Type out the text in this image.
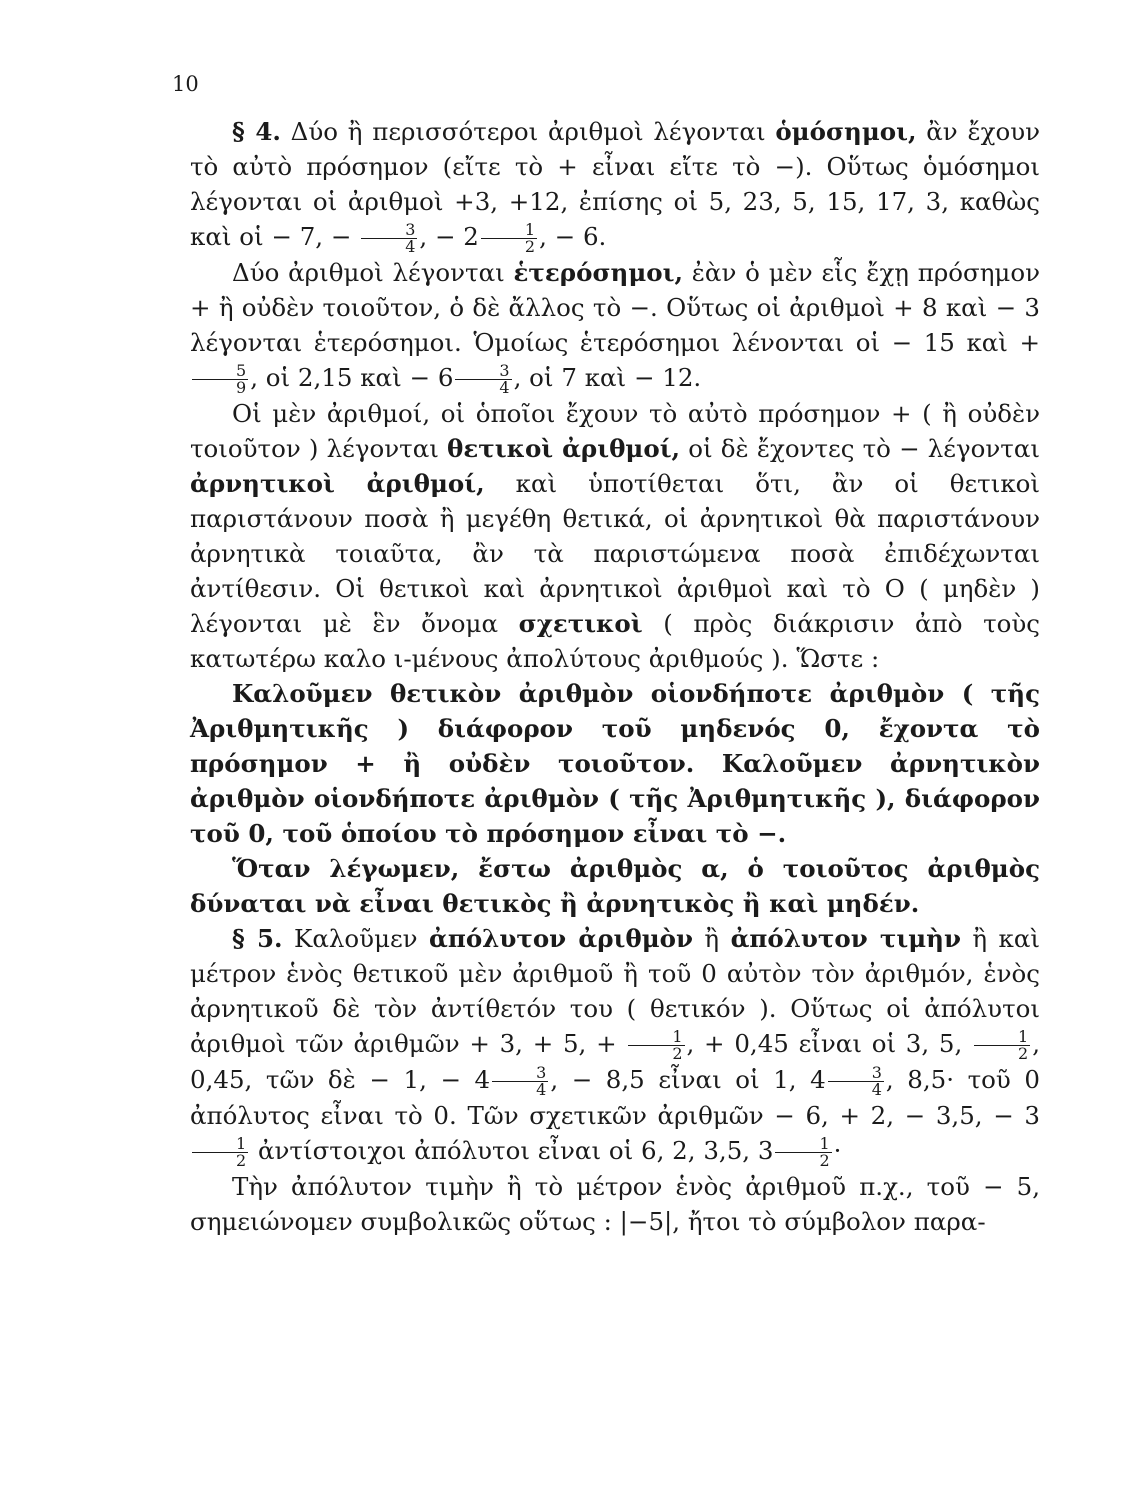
10

§ 4. Δύο ἢ περισσότεροι ἀριθμοὶ λέγονται ὁμόσημοι, ἂν ἔχουν τὸ αὐτὸ πρόσημον (εἴτε τὸ + εἶναι εἴτε τὸ −). Οὕτως ὁμόσημοι λέγονται οἱ ἀριθμοὶ +3, +12, ἐπίσης οἱ 5, 23, 5, 15, 17, 3, καθὼς καὶ οἱ − 7, − $\frac{3}{4}$ , − $2 \frac{1}{2}$ , − 6.

Δύο ἀριθμοὶ λέγονται ἑτερόσημοι, ἐὰν ὁ μὲν εἷς ἔχῃ πρόσημον + ἢ οὐδὲν τοιοῦτον, ὁ δὲ ἄλλος τὸ −. Οὕτως οἱ ἀριθμοὶ + 8 καὶ − 3 λέγονται ἑτερόσημοι. Ὁμοίως ἑτερόσημοι λένονται οἱ − 15 καὶ +
$\frac{5}{9}$ , οἱ 2,15 καὶ − $6 \frac{3}{4}$ , οἱ 7 καὶ − 12.

Οἱ μὲν ἀριθμοί, οἱ ὁποῖοι ἔχουν τὸ αὐτὸ πρόσημον + ( ἢ οὐδὲν τοιοῦτον ) λέγονται θετικοὶ ἀριθμοί, οἱ δὲ ἔχοντες τὸ − λέγονται ἀρνητικοὶ ἀριθμοί, καὶ ὑποτίθεται ὅτι, ἂν οἱ θετικοὶ παριστάνουν ποσὰ ἢ μεγέθη θετικά, οἱ ἀρνητικοὶ θὰ παριστάνουν ἀρνητικὰ τοιαῦτα, ἂν τὰ παριστώμενα ποσὰ ἐπιδέχωνται ἀντίθεσιν. Οἱ θετικοὶ καὶ ἀρνητικοὶ ἀριθμοὶ καὶ τὸ Ο ( μηδὲν ) λέγονται μὲ ἓν ὄνομα σχετικοὶ ( πρὸς διάκρισιν ἀπὸ τοὺς κατωτέρω καλο ι-μένους ἀπολύτους ἀριθμούς ). Ὥστε :

Καλοῦμεν θετικὸν ἀριθμὸν οἱονδήποτε ἀριθμὸν ( τῆς Ἀριθμητικῆς ) διάφορον τοῦ μηδενός 0, ἔχοντα τὸ πρόσημον + ἢ οὐδὲν τοιοῦτον. Καλοῦμεν ἀρνητικὸν ἀριθμὸν οἱονδήποτε ἀριθμὸν ( τῆς Ἀριθμητικῆς ), διάφορον τοῦ 0, τοῦ ὁποίου τὸ πρόσημον εἶναι τὸ −.

Ὅταν λέγωμεν, ἔστω ἀριθμὸς α, ὁ τοιοῦτος ἀριθμὸς δύναται νὰ εἶναι θετικὸς ἢ ἀρνητικὸς ἢ καὶ μηδέν.

§ 5. Καλοῦμεν ἀπόλυτον ἀριθμὸν ἢ ἀπόλυτον τιμὴν ἢ καὶ μέτρον ἑνὸς θετικοῦ μὲν ἀριθμοῦ ἢ τοῦ 0 αὐτὸν τὸν ἀριθμόν, ἑνὸς ἀρνητικοῦ δὲ τὸν ἀντίθετόν του ( θετικόν ). Οὕτως οἱ ἀπόλυτοι ἀριθμοὶ τῶν ἀριθμῶν + 3, + 5, + $\frac{1}{2}$ , + 0,45 εἶναι οἱ 3, 5, $\frac{1}{2}$ , 0,45, τῶν δὲ − 1, − $4 \frac{3}{4}$ , − 8,5 εἶναι οἱ 1, $4 \frac{3}{4}$ , 8,5· τοῦ 0 ἀπόλυτος εἶναι τὸ 0. Τῶν σχετικῶν ἀριθμῶν − 6, + 2, − 3,5, − 3
$\frac{1}{2}$ ἀντίστοιχοι ἀπόλυτοι εἶναι οἱ 6, 2, 3,5, $3 \frac{1}{2}$ ·

Τὴν ἀπόλυτον τιμὴν ἢ τὸ μέτρον ἑνὸς ἀριθμοῦ π.χ., τοῦ − 5, σημειώνομεν συμβολικῶς οὕτως : |−5|, ἤτοι τὸ σύμβολον παρα-
